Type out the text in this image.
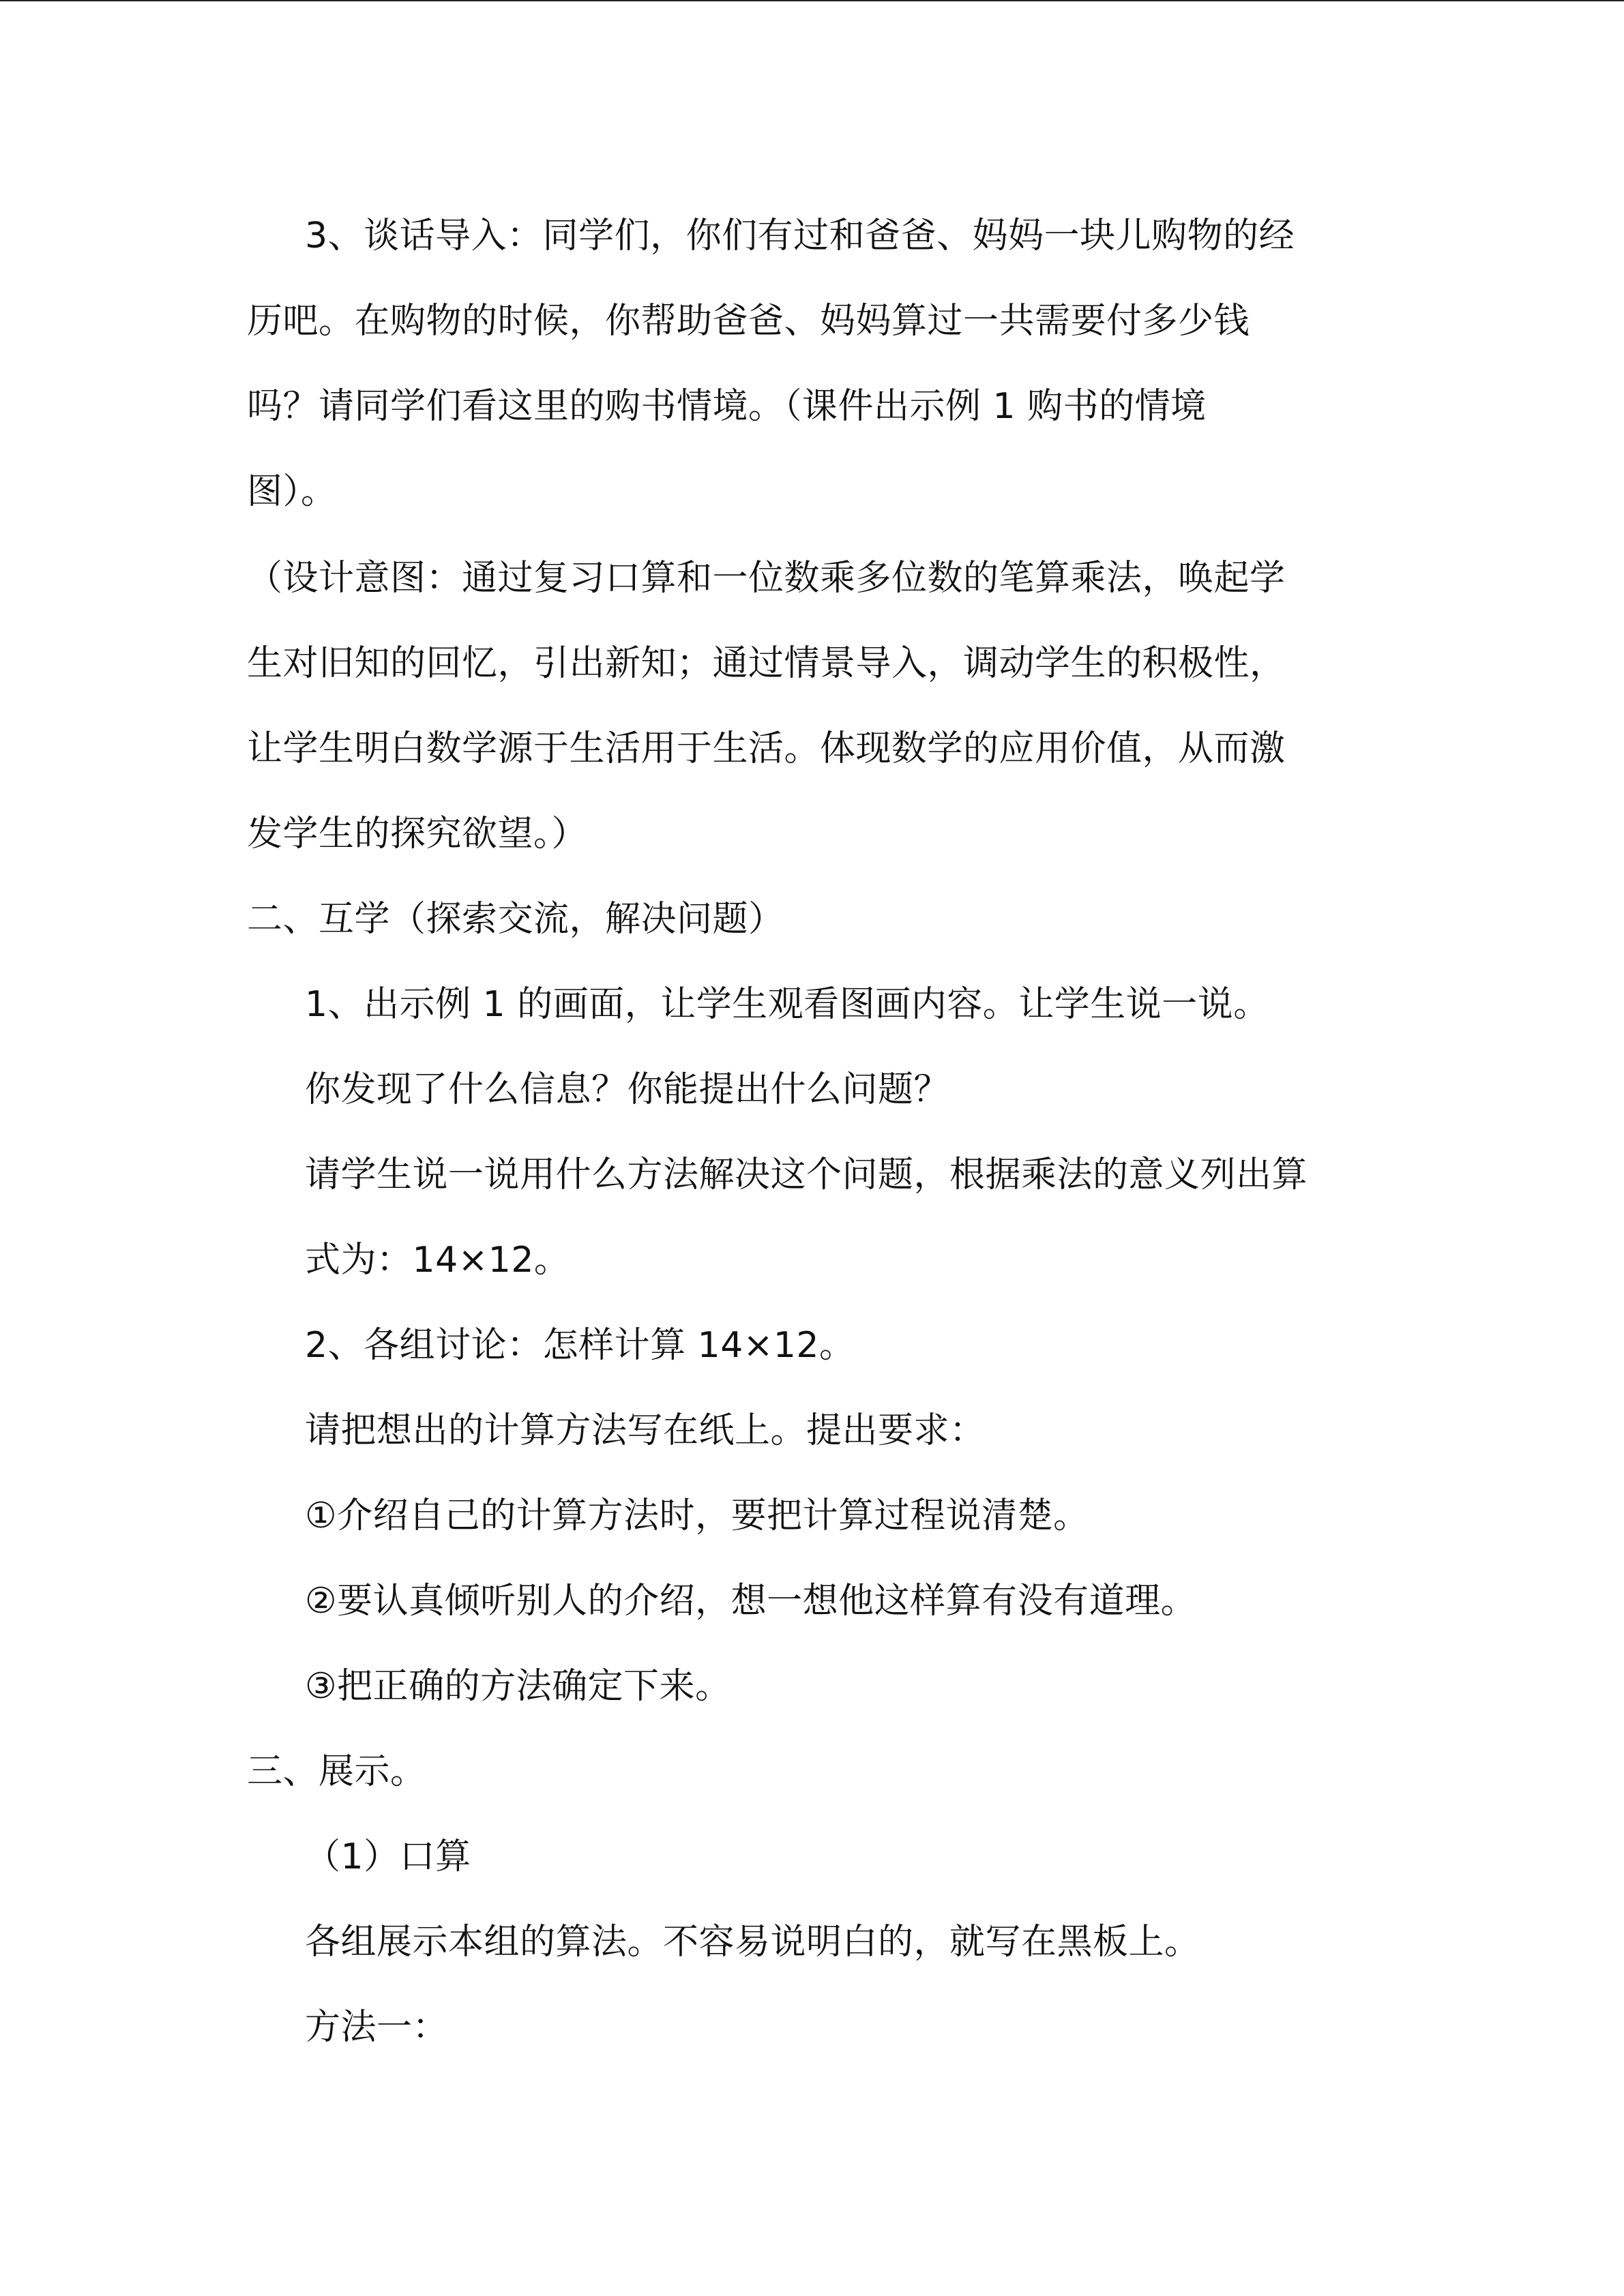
3、谈话导入：同学们，你们有过和爸爸、妈妈一块儿购物的经
历吧。在购物的时候，你帮助爸爸、妈妈算过一共需要付多少钱
吗？请同学们看这里的购书情境。（课件出示例 1 购书的情境
图）。
（设计意图：通过复习口算和一位数乘多位数的笔算乘法，唤起学
生对旧知的回忆，引出新知；通过情景导入，调动学生的积极性，
让学生明白数学源于生活用于生活。体现数学的应用价值，从而激
发学生的探究欲望。）
二、互学（探索交流，解决问题）
1、出示例 1 的画面，让学生观看图画内容。让学生说一说。
你发现了什么信息？你能提出什么问题？
请学生说一说用什么方法解决这个问题，根据乘法的意义列出算
式为：14×12。
2、各组讨论：怎样计算 14×12。
请把想出的计算方法写在纸上。提出要求：
①介绍自己的计算方法时，要把计算过程说清楚。
②要认真倾听别人的介绍，想一想他这样算有没有道理。
③把正确的方法确定下来。
三、展示。
（1）口算
各组展示本组的算法。不容易说明白的，就写在黑板上。
方法一：
